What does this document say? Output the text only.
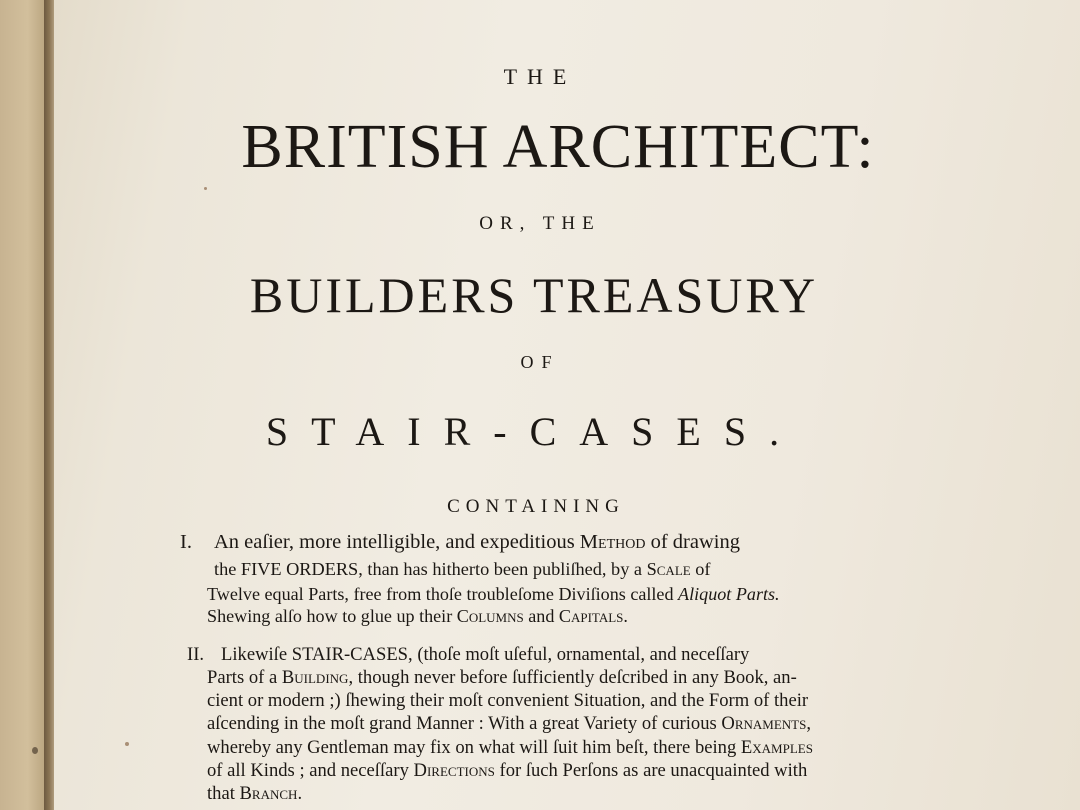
THE
BRITISH ARCHITECT:
OR, THE
BUILDERS TREASURY
OF
STAIR-CASES.
CONTAINING
I. An eaſier, more intelligible, and expeditious Method of drawing
the FIVE ORDERS, than has hitherto been publiſhed, by a Scale of
Twelve equal Parts, free from thoſe troubleſome Diviſions called Aliquot Parts.
Shewing alſo how to glue up their Columns and Capitals.
II. Likewiſe STAIR-CASES, (thoſe moſt uſeful, ornamental, and neceſſary
Parts of a Building, though never before ſufficiently deſcribed in any Book, an-
cient or modern ;) ſhewing their moſt convenient Situation, and the Form of their
aſcending in the moſt grand Manner : With a great Variety of curious Ornaments,
whereby any Gentleman may fix on what will ſuit him beſt, there being Examples
of all Kinds ; and neceſſary Directions for ſuch Perſons as are unacquainted with
that Branch.
